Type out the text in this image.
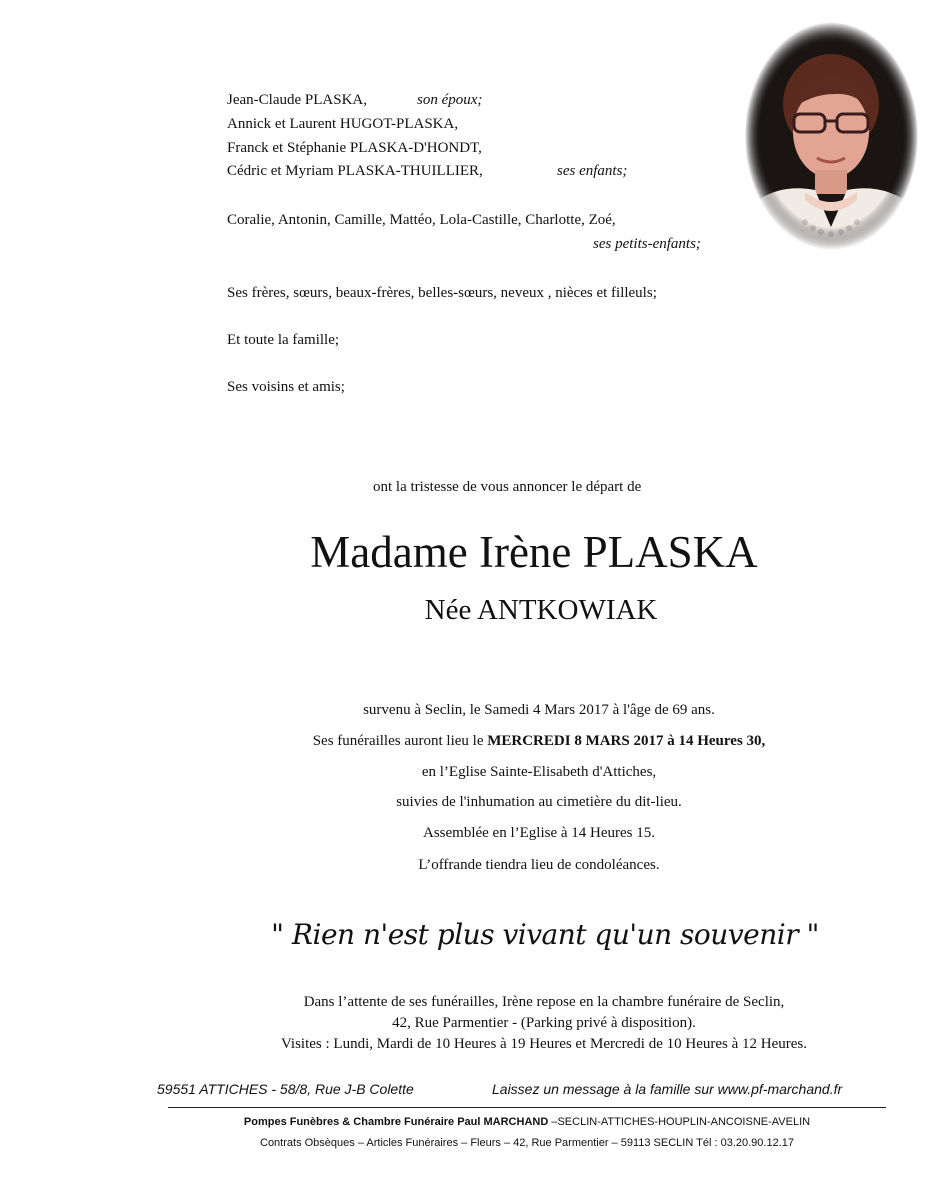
Jean-Claude PLASKA,	son époux;
Annick et Laurent HUGOT-PLASKA,
Franck et Stéphanie PLASKA-D'HONDT,
Cédric et Myriam PLASKA-THUILLIER,	ses enfants;
Coralie, Antonin, Camille, Mattéo, Lola-Castille, Charlotte, Zoé,
ses petits-enfants;
Ses frères, sœurs, beaux-frères, belles-sœurs, neveux , nièces et filleuls;
Et toute la famille;
Ses voisins et amis;
ont la tristesse de vous annoncer le départ de
Madame Irène PLASKA
Née ANTKOWIAK
survenu à Seclin, le Samedi 4 Mars 2017 à l'âge de 69 ans.
Ses funérailles auront lieu le MERCREDI 8 MARS 2017 à 14 Heures 30,
en l’Eglise Sainte-Elisabeth d'Attiches,
suivies de l'inhumation au cimetière du dit-lieu.
Assemblée en l’Eglise à 14 Heures 15.
L’offrande tiendra lieu de condoléances.
" Rien n'est plus vivant qu'un souvenir "
Dans l’attente de ses funérailles, Irène repose en la chambre funéraire de Seclin,
42, Rue Parmentier - (Parking privé à disposition).
Visites : Lundi, Mardi de 10 Heures à 19 Heures et Mercredi de 10 Heures à 12 Heures.
59551 ATTICHES - 58/8, Rue J-B Colette	Laissez un message à la famille sur www.pf-marchand.fr
Pompes Funèbres & Chambre Funéraire Paul MARCHAND –SECLIN-ATTICHES-HOUPLIN-ANCOISNE-AVELIN
Contrats Obsèques – Articles Funéraires – Fleurs – 42, Rue Parmentier – 59113 SECLIN Tél : 03.20.90.12.17
